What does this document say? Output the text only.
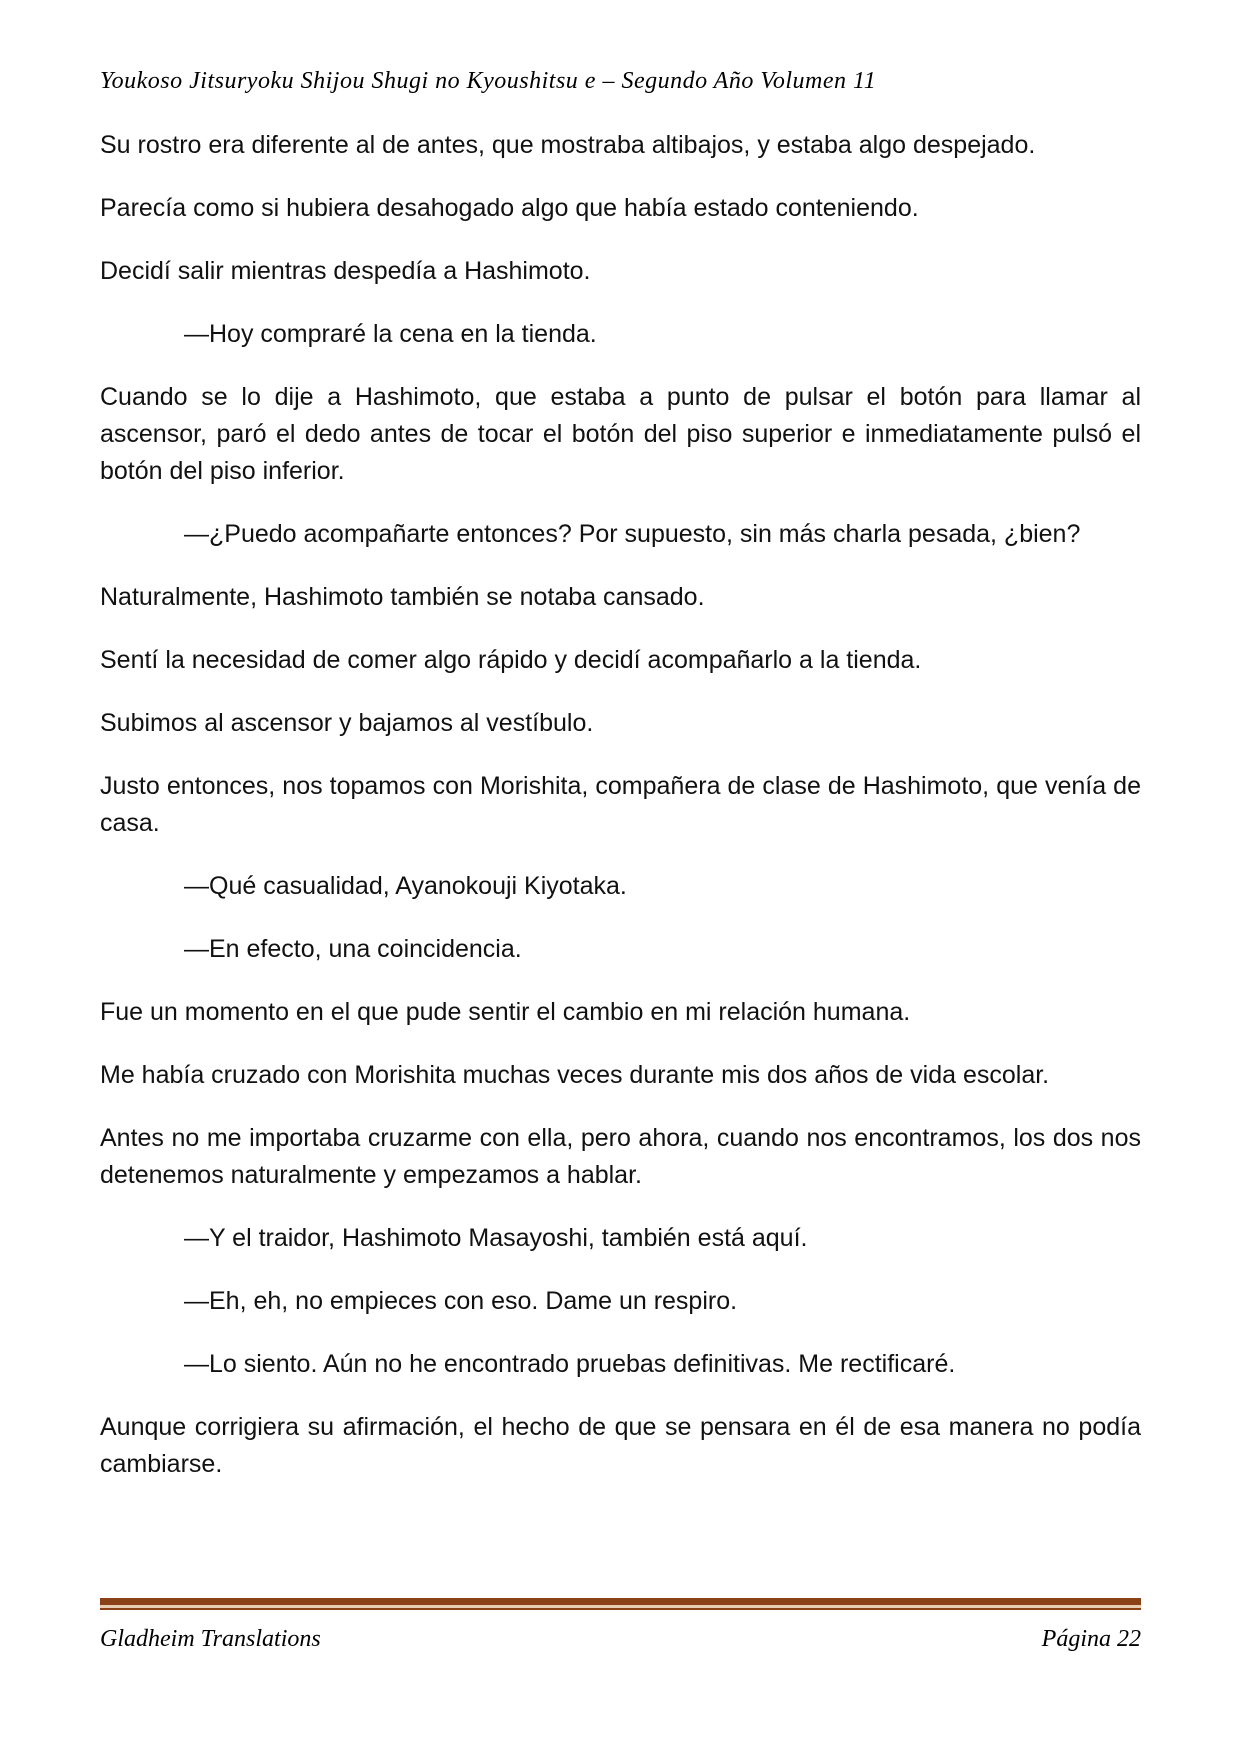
Youkoso Jitsuryoku Shijou Shugi no Kyoushitsu e – Segundo Año Volumen 11

Su rostro era diferente al de antes, que mostraba altibajos, y estaba algo despejado.

Parecía como si hubiera desahogado algo que había estado conteniendo.

Decidí salir mientras despedía a Hashimoto.

—Hoy compraré la cena en la tienda.

Cuando se lo dije a Hashimoto, que estaba a punto de pulsar el botón para llamar al ascensor, paró el dedo antes de tocar el botón del piso superior e inmediatamente pulsó el botón del piso inferior.

—¿Puedo acompañarte entonces? Por supuesto, sin más charla pesada, ¿bien?

Naturalmente, Hashimoto también se notaba cansado.

Sentí la necesidad de comer algo rápido y decidí acompañarlo a la tienda.

Subimos al ascensor y bajamos al vestíbulo.

Justo entonces, nos topamos con Morishita, compañera de clase de Hashimoto, que venía de casa.

—Qué casualidad, Ayanokouji Kiyotaka.

—En efecto, una coincidencia.

Fue un momento en el que pude sentir el cambio en mi relación humana.

Me había cruzado con Morishita muchas veces durante mis dos años de vida escolar.

Antes no me importaba cruzarme con ella, pero ahora, cuando nos encontramos, los dos nos detenemos naturalmente y empezamos a hablar.

—Y el traidor, Hashimoto Masayoshi, también está aquí.

—Eh, eh, no empieces con eso. Dame un respiro.

—Lo siento. Aún no he encontrado pruebas definitivas. Me rectificaré.

Aunque corrigiera su afirmación, el hecho de que se pensara en él de esa manera no podía cambiarse.

Gladheim Translations	Página 22
